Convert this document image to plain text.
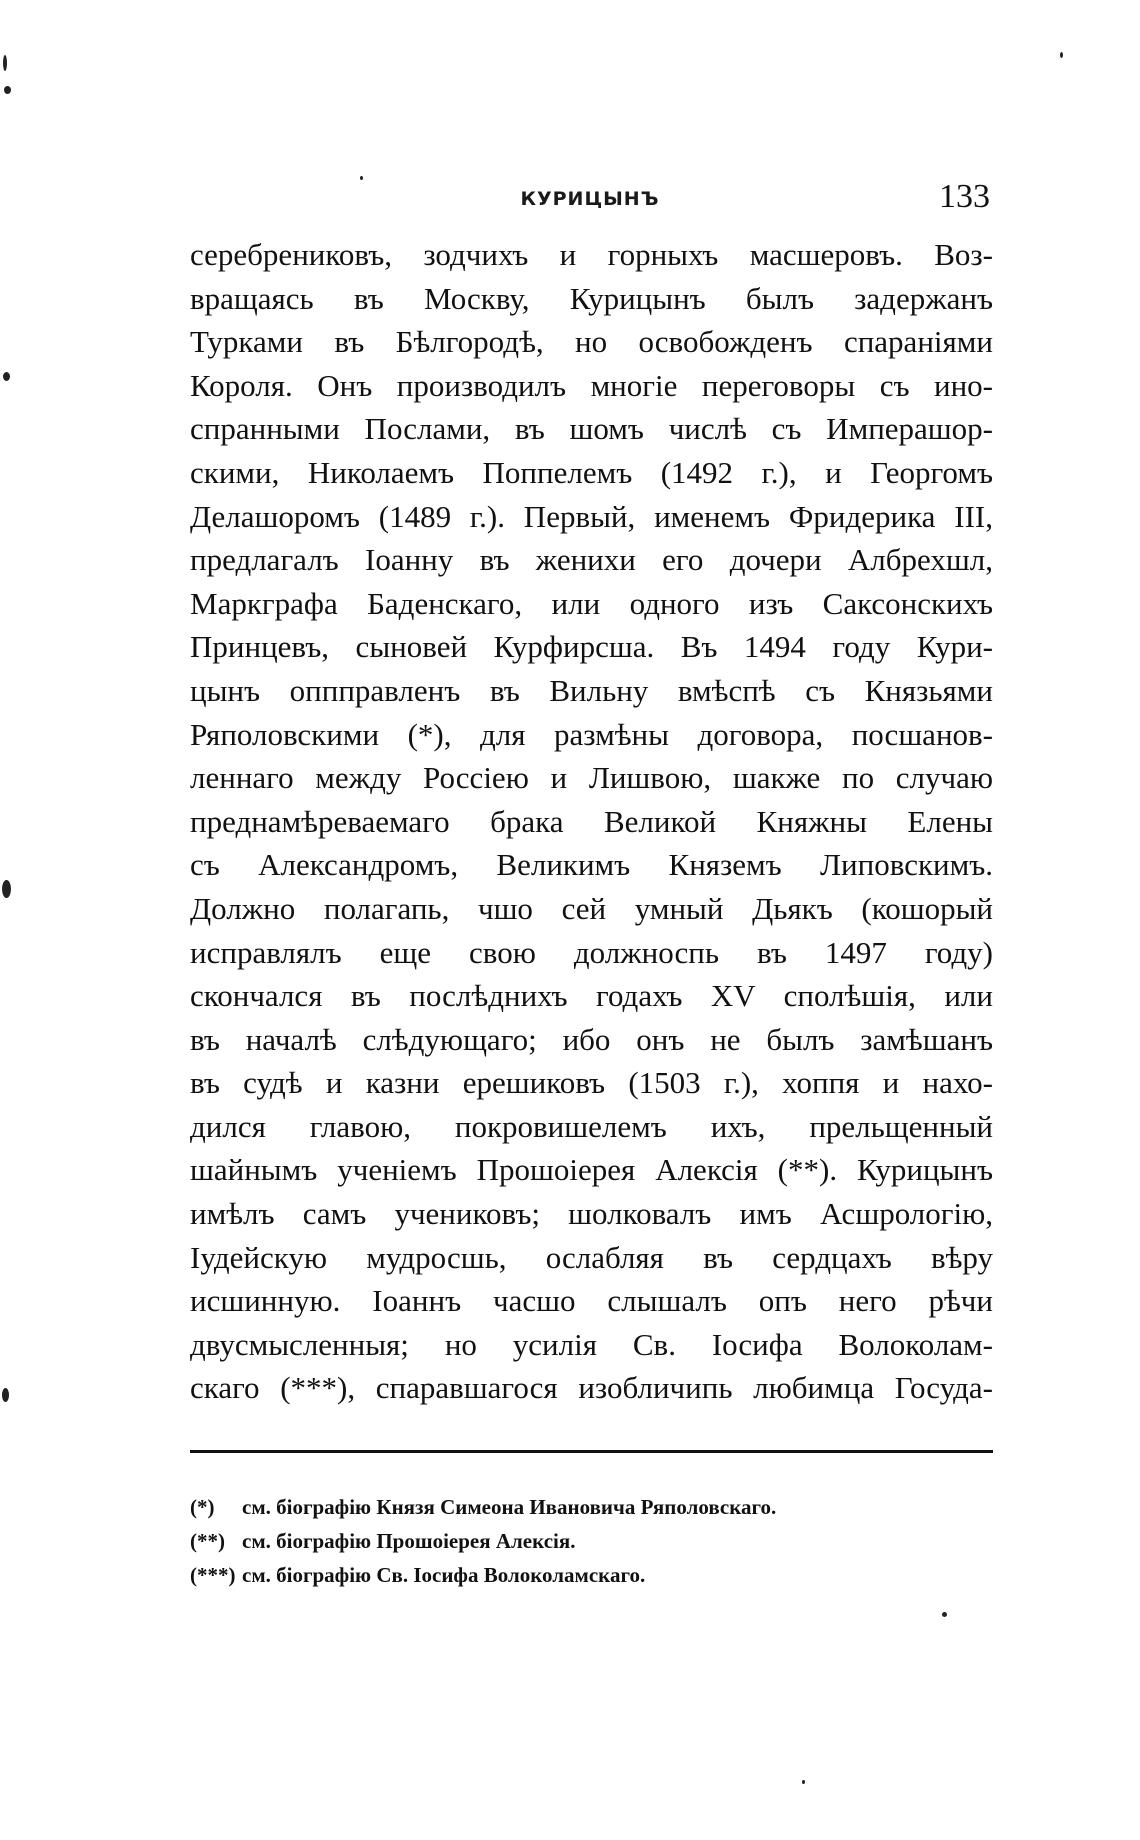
КУРИЦЫНЪ	133
серебрениковъ, зодчихъ и горныхъ масшеровъ. Воз-
вращаясь въ Москву, Курицынъ былъ задержанъ
Турками въ Бѣлгородѣ, но освобожденъ спараніями
Короля. Онъ производилъ многіе переговоры съ ино-
спранными Послами, въ шомъ числѣ съ Имперашор-
скими, Николаемъ Поппелемъ (1492 г.), и Георгомъ
Делашоромъ (1489 г.). Первый, именемъ Фридерика III,
предлагалъ Іоанну въ женихи его дочери Албрехшл,
Маркграфа Баденскаго, или одного изъ Саксонскихъ
Принцевъ, сыновей Курфирсша. Въ 1494 году Кури-
цынъ оппправленъ въ Вильну вмѣспѣ съ Князьями
Ряполовскими (*), для размѣны договора, посшанов-
леннаго между Россіею и Лишвою, шакже по случаю
преднамѣреваемаго брака Великой Княжны Елены
съ Александромъ, Великимъ Княземъ Липовскимъ.
Должно полагапь, чшо сей умный Дьякъ (кошорый
исправлялъ еще свою должноспь въ 1497 году)
скончался въ послѣднихъ годахъ XV сполѣшія, или
въ началѣ слѣдующаго; ибо онъ не былъ замѣшанъ
въ судѣ и казни ерешиковъ (1503 г.), хоппя и нахо-
дился главою, покровишелемъ ихъ, прельщенный
шайнымъ ученіемъ Прошоіерея Алексія (**). Курицынъ
имѣлъ самъ учениковъ; шолковалъ имъ Асшрологію,
Іудейскую мудросшь, ослабляя въ сердцахъ вѣру
исшинную. Іоаннъ часшо слышалъ опъ него рѣчи
двусмысленныя; но усилія Св. Іосифа Волоколам-
скаго (***), спаравшагося изобличипь любимца Госуда-
(*) см. біографію Князя Симеона Ивановича Ряполовскаго.
(**) см. біографію Прошоіерея Алексія.
(***) см. біографію Св. Іосифа Волоколамскаго.
